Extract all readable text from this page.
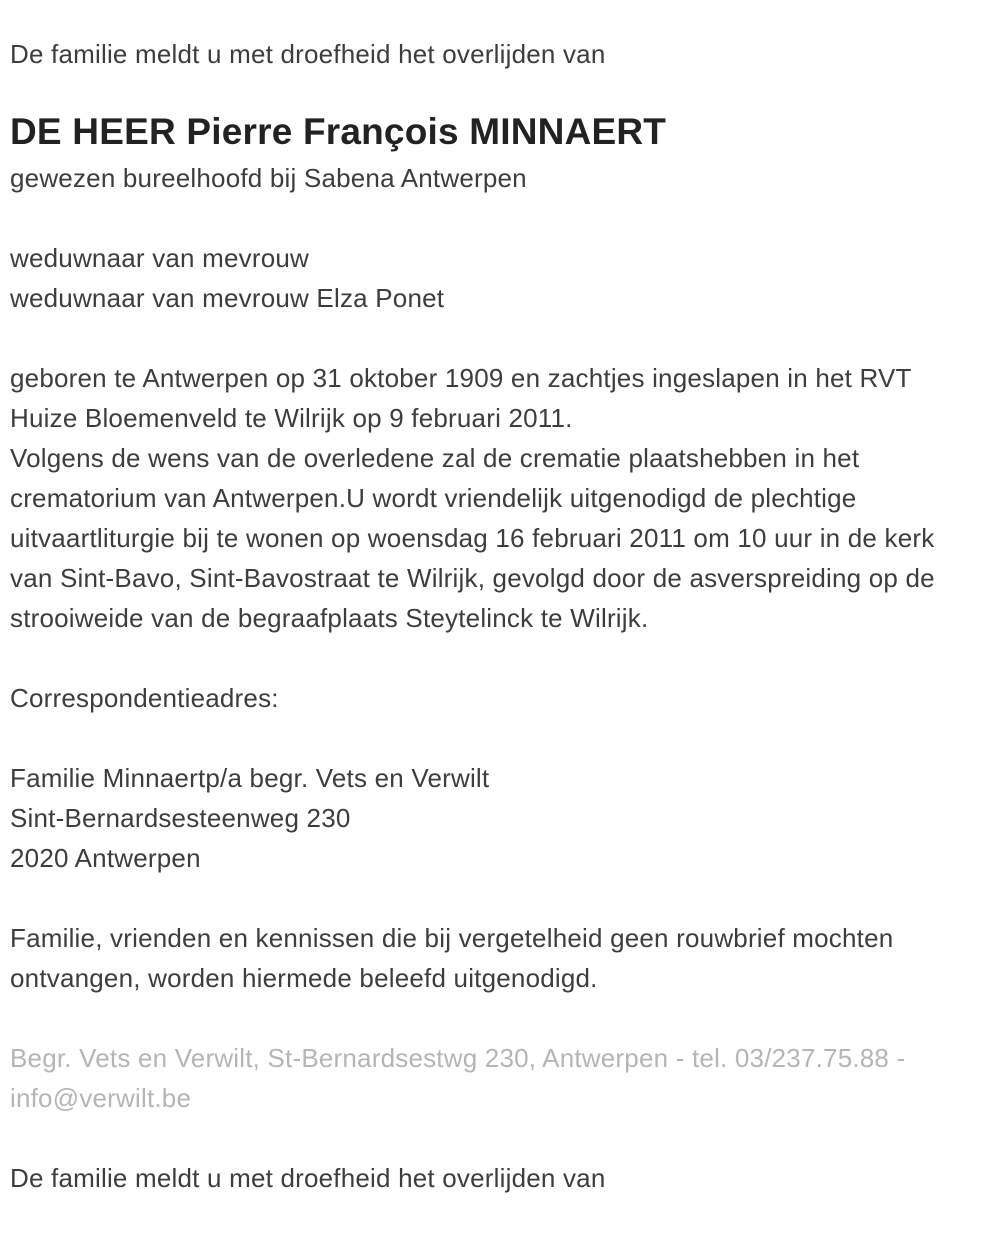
De familie meldt u met droefheid het overlijden van
DE HEER Pierre François MINNAERT
gewezen bureelhoofd bij Sabena Antwerpen
weduwnaar van mevrouw
weduwnaar van mevrouw Elza Ponet
geboren te Antwerpen op 31 oktober 1909 en zachtjes ingeslapen in het RVT Huize Bloemenveld te Wilrijk op 9 februari 2011.
Volgens de wens van de overledene zal de crematie plaatshebben in het crematorium van Antwerpen.U wordt vriendelijk uitgenodigd de plechtige uitvaartliturgie bij te wonen op woensdag 16 februari 2011 om 10 uur in de kerk van Sint-Bavo, Sint-Bavostraat te Wilrijk, gevolgd door de asverspreiding op de strooiweide van de begraafplaats Steytelinck te Wilrijk.
Correspondentieadres:
Familie Minnaertp/a begr. Vets en Verwilt
Sint-Bernardsesteenweg 230
2020 Antwerpen
Familie, vrienden en kennissen die bij vergetelheid geen rouwbrief mochten ontvangen, worden hiermede beleefd uitgenodigd.
Begr. Vets en Verwilt, St-Bernardsestwg 230, Antwerpen - tel. 03/237.75.88 - info@verwilt.be
De familie meldt u met droefheid het overlijden van
